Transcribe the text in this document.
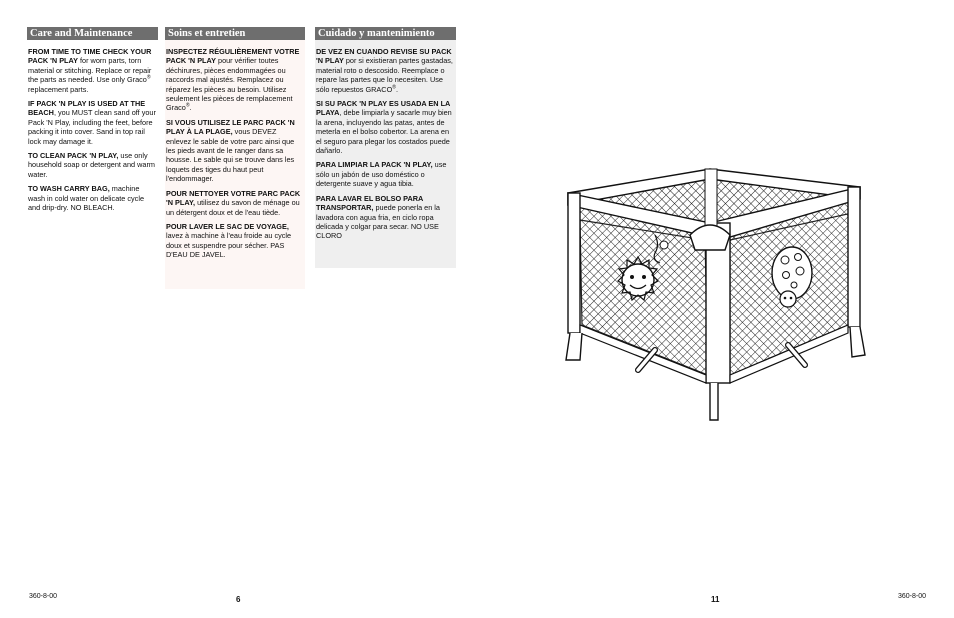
Care and Maintenance

FROM TIME TO TIME CHECK YOUR PACK 'N PLAY for worn parts, torn material or stitching. Replace or repair the parts as needed. Use only Graco® replacement parts.

IF PACK 'N PLAY IS USED AT THE BEACH, you MUST clean sand off your Pack 'N Play, including the feet, before packing it into cover. Sand in top rail lock may damage it.

TO CLEAN PACK 'N PLAY, use only household soap or detergent and warm water.

TO WASH CARRY BAG, machine wash in cold water on delicate cycle and drip-dry. NO BLEACH.

Soins et entretien

INSPECTEZ RÉGULIÈREMENT VOTRE PACK 'N PLAY pour vérifier toutes déchirures, pièces endommagées ou raccords mal ajustés. Remplacez ou réparez les pièces au besoin. Utilisez seulement les pièces de remplacement Graco®.

SI VOUS UTILISEZ LE PARC PACK 'N PLAY À LA PLAGE, vous DEVEZ enlevez le sable de votre parc ainsi que les pieds avant de le ranger dans sa housse. Le sable qui se trouve dans les loquets des tiges du haut peut l'endommager.

POUR NETTOYER VOTRE PARC PACK 'N PLAY, utilisez du savon de ménage ou un détergent doux et de l'eau tiède.

POUR LAVER LE SAC DE VOYAGE, lavez à machine à l'eau froide au cycle doux et suspendre pour sécher. PAS D'EAU DE JAVEL.

Cuidado y mantenimiento

DE VEZ EN CUANDO REVISE SU PACK 'N PLAY por si existieran partes gastadas, material roto o descosido. Reemplace o repare las partes que lo necesiten. Use sólo repuestos GRACO®.

SI SU PACK 'N PLAY ES USADA EN LA PLAYA, debe limpiarla y sacarle muy bien la arena, incluyendo las patas, antes de meterla en el bolso cobertor. La arena en el seguro para plegar los costados puede dañarlo.

PARA LIMPIAR LA PACK 'N PLAY, use sólo un jabón de uso doméstico o detergente suave y agua tibia.

PARA LAVAR EL BOLSO PARA TRANSPORTAR, puede ponerla en la lavadora con agua fria, en ciclo ropa delicada y colgar para secar. NO USE CLORO

360-8-00	6	11	360-8-00
